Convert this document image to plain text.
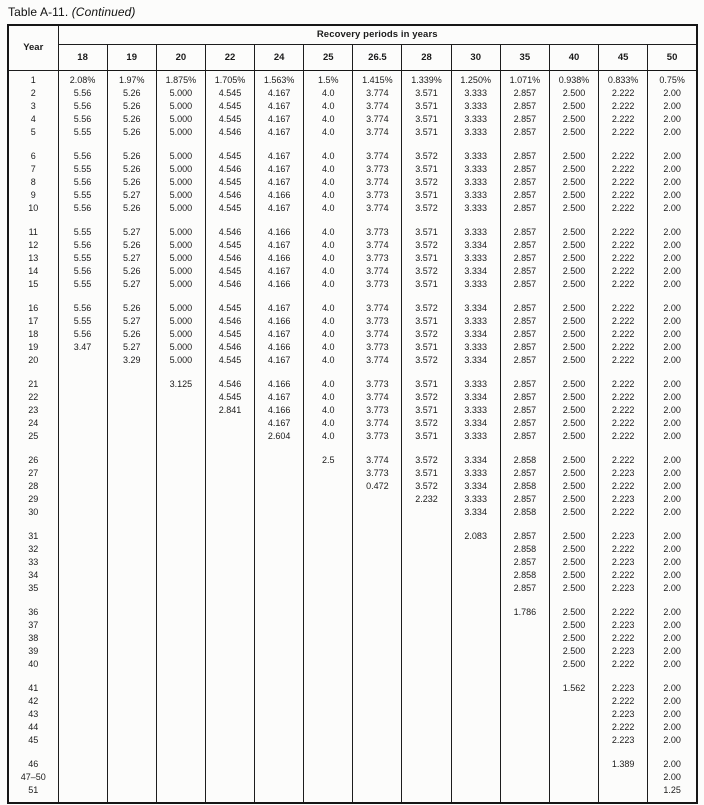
Table A-11. (Continued)
Year	Recovery periods in years												
	18	19	20	22	24	25	26.5	28	30	35	40	45	50

1	2.08%	1.97%	1.875%	1.705%	1.563%	1.5%	1.415%	1.339%	1.250%	1.071%	0.938%	0.833%	0.75%
2	5.56	5.26	5.000	4.545	4.167	4.0	3.774	3.571	3.333	2.857	2.500	2.222	2.00
3	5.56	5.26	5.000	4.545	4.167	4.0	3.774	3.571	3.333	2.857	2.500	2.222	2.00
4	5.56	5.26	5.000	4.545	4.167	4.0	3.774	3.571	3.333	2.857	2.500	2.222	2.00
5	5.55	5.26	5.000	4.546	4.167	4.0	3.774	3.571	3.333	2.857	2.500	2.222	2.00

6	5.56	5.26	5.000	4.545	4.167	4.0	3.774	3.572	3.333	2.857	2.500	2.222	2.00
7	5.55	5.26	5.000	4.546	4.167	4.0	3.773	3.571	3.333	2.857	2.500	2.222	2.00
8	5.56	5.26	5.000	4.545	4.167	4.0	3.774	3.572	3.333	2.857	2.500	2.222	2.00
9	5.55	5.27	5.000	4.546	4.166	4.0	3.773	3.571	3.333	2.857	2.500	2.222	2.00
10	5.56	5.26	5.000	4.545	4.167	4.0	3.774	3.572	3.333	2.857	2.500	2.222	2.00

11	5.55	5.27	5.000	4.546	4.166	4.0	3.773	3.571	3.333	2.857	2.500	2.222	2.00
12	5.56	5.26	5.000	4.545	4.167	4.0	3.774	3.572	3.334	2.857	2.500	2.222	2.00
13	5.55	5.27	5.000	4.546	4.166	4.0	3.773	3.571	3.333	2.857	2.500	2.222	2.00
14	5.56	5.26	5.000	4.545	4.167	4.0	3.774	3.572	3.334	2.857	2.500	2.222	2.00
15	5.55	5.27	5.000	4.546	4.166	4.0	3.773	3.571	3.333	2.857	2.500	2.222	2.00

16	5.56	5.26	5.000	4.545	4.167	4.0	3.774	3.572	3.334	2.857	2.500	2.222	2.00
17	5.55	5.27	5.000	4.546	4.166	4.0	3.773	3.571	3.333	2.857	2.500	2.222	2.00
18	5.56	5.26	5.000	4.545	4.167	4.0	3.774	3.572	3.334	2.857	2.500	2.222	2.00
19	3.47	5.27	5.000	4.546	4.166	4.0	3.773	3.571	3.333	2.857	2.500	2.222	2.00
20		3.29	5.000	4.545	4.167	4.0	3.774	3.572	3.334	2.857	2.500	2.222	2.00

21			3.125	4.546	4.166	4.0	3.773	3.571	3.333	2.857	2.500	2.222	2.00
22				4.545	4.167	4.0	3.774	3.572	3.334	2.857	2.500	2.222	2.00
23				2.841	4.166	4.0	3.773	3.571	3.333	2.857	2.500	2.222	2.00
24					4.167	4.0	3.774	3.572	3.334	2.857	2.500	2.222	2.00
25					2.604	4.0	3.773	3.571	3.333	2.857	2.500	2.222	2.00

26						2.5	3.774	3.572	3.334	2.858	2.500	2.222	2.00
27							3.773	3.571	3.333	2.857	2.500	2.223	2.00
28							0.472	3.572	3.334	2.858	2.500	2.222	2.00
29								2.232	3.333	2.857	2.500	2.223	2.00
30									3.334	2.858	2.500	2.222	2.00

31									2.083	2.857	2.500	2.223	2.00
32										2.858	2.500	2.222	2.00
33										2.857	2.500	2.223	2.00
34										2.858	2.500	2.222	2.00
35										2.857	2.500	2.223	2.00

36										1.786	2.500	2.222	2.00
37											2.500	2.223	2.00
38											2.500	2.222	2.00
39											2.500	2.223	2.00
40											2.500	2.222	2.00

41											1.562	2.223	2.00
42												2.222	2.00
43												2.223	2.00
44												2.222	2.00
45												2.223	2.00

46												1.389	2.00
47–50													2.00
51													1.25
